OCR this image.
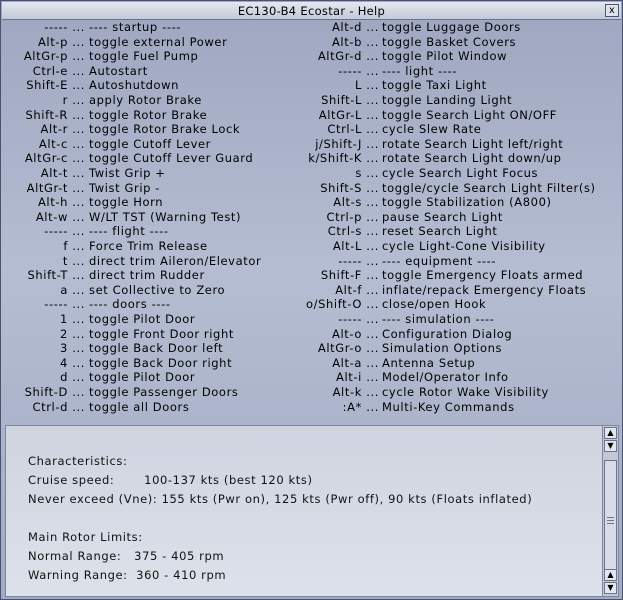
EC130-B4 Ecostar - Help	x
----- ... ---- startup ----
Alt-p ... toggle external Power
AltGr-p ... toggle Fuel Pump
Ctrl-e ... Autostart
Shift-E ... Autoshutdown
r ... apply Rotor Brake
Shift-R ... toggle Rotor Brake
Alt-r ... toggle Rotor Brake Lock
Alt-c ... toggle Cutoff Lever
AltGr-c ... toggle Cutoff Lever Guard
Alt-t ... Twist Grip +
AltGr-t ... Twist Grip -
Alt-h ... toggle Horn
Alt-w ... W/LT TST (Warning Test)
----- ... ---- flight ----
f ... Force Trim Release
t ... direct trim Aileron/Elevator
Shift-T ... direct trim Rudder
a ... set Collective to Zero
----- ... ---- doors ----
1 ... toggle Pilot Door
2 ... toggle Front Door right
3 ... toggle Back Door left
4 ... toggle Back Door right
d ... toggle Pilot Door
Shift-D ... toggle Passenger Doors
Ctrl-d ... toggle all Doors
Alt-d ... toggle Luggage Doors
Alt-b ... toggle Basket Covers
AltGr-d ... toggle Pilot Window
----- ... ---- light ----
L ... toggle Taxi Light
Shift-L ... toggle Landing Light
AltGr-L ... toggle Search Light ON/OFF
Ctrl-L ... cycle Slew Rate
j/Shift-J ... rotate Search Light left/right
k/Shift-K ... rotate Search Light down/up
s ... cycle Search Light Focus
Shift-S ... toggle/cycle Search Light Filter(s)
Alt-s ... toggle Stabilization (A800)
Ctrl-p ... pause Search Light
Ctrl-s ... reset Search Light
Alt-L ... cycle Light-Cone Visibility
----- ... ---- equipment ----
Shift-F ... toggle Emergency Floats armed
Alt-f ... inflate/repack Emergency Floats
o/Shift-O ... close/open Hook
----- ... ---- simulation ----
Alt-o ... Configuration Dialog
AltGr-o ... Simulation Options
Alt-a ... Antenna Setup
Alt-i ... Model/Operator Info
Alt-k ... cycle Rotor Wake Visibility
:A* ... Multi-Key Commands
Characteristics:
Cruise speed:       100-137 kts (best 120 kts)
Never exceed (Vne): 155 kts (Pwr on), 125 kts (Pwr off), 90 kts (Floats inflated)
Main Rotor Limits:
Normal Range:   375 - 405 rpm
Warning Range:  360 - 410 rpm
▲
▼
▲
▼
